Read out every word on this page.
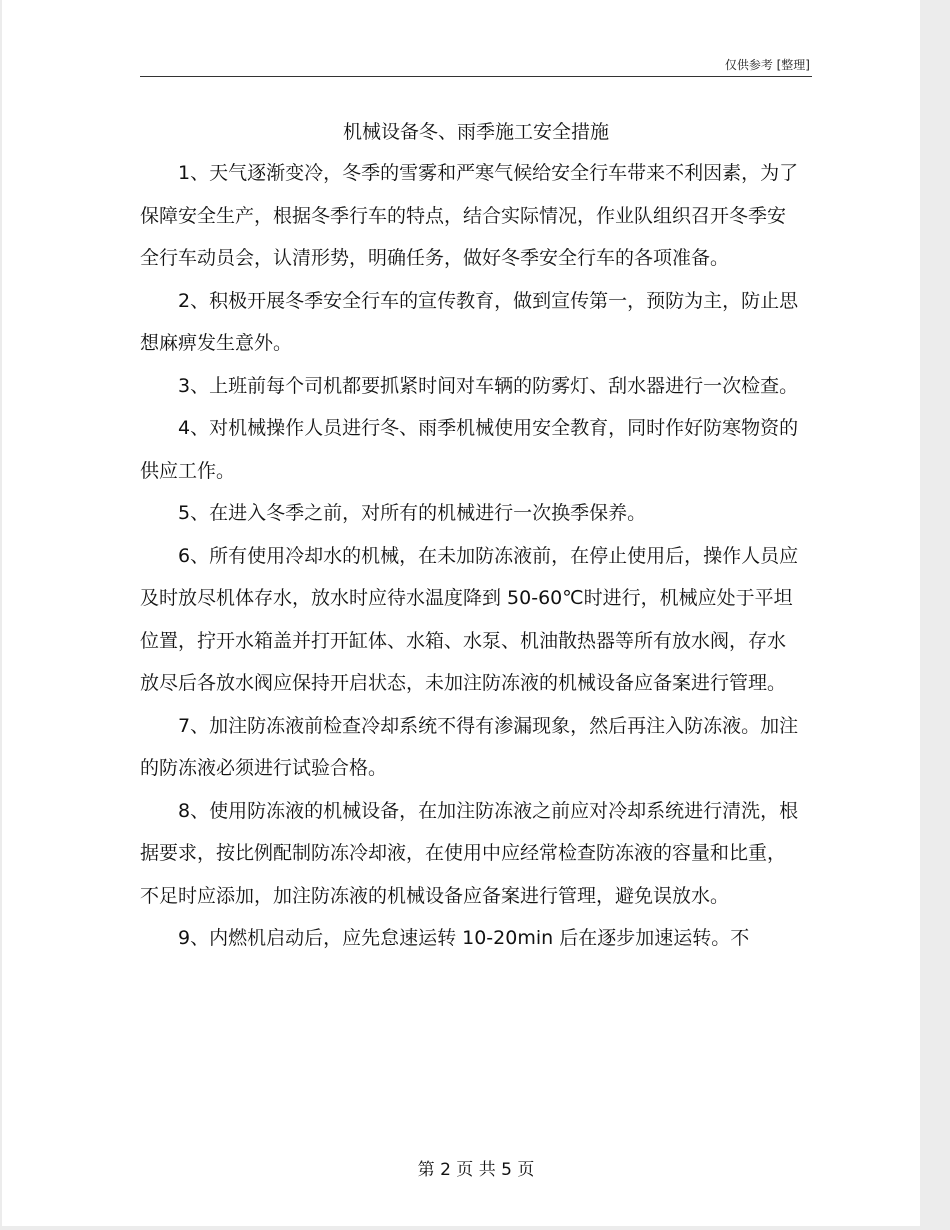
仅供参考 [整理]
机械设备冬、雨季施工安全措施

1、天气逐渐变冷，冬季的雪雾和严寒气候给安全行车带来不利因素，为了保障安全生产，根据冬季行车的特点，结合实际情况，作业队组织召开冬季安全行车动员会，认清形势，明确任务，做好冬季安全行车的各项准备。

2、积极开展冬季安全行车的宣传教育，做到宣传第一，预防为主，防止思想麻痹发生意外。

3、上班前每个司机都要抓紧时间对车辆的防雾灯、刮水器进行一次检查。

4、对机械操作人员进行冬、雨季机械使用安全教育，同时作好防寒物资的供应工作。

5、在进入冬季之前，对所有的机械进行一次换季保养。

6、所有使用冷却水的机械，在未加防冻液前，在停止使用后，操作人员应及时放尽机体存水，放水时应待水温度降到 50-60℃时进行，机械应处于平坦位置，拧开水箱盖并打开缸体、水箱、水泵、机油散热器等所有放水阀，存水放尽后各放水阀应保持开启状态，未加注防冻液的机械设备应备案进行管理。

7、加注防冻液前检查冷却系统不得有渗漏现象，然后再注入防冻液。加注的防冻液必须进行试验合格。

8、使用防冻液的机械设备，在加注防冻液之前应对冷却系统进行清洗，根据要求，按比例配制防冻冷却液，在使用中应经常检查防冻液的容量和比重，不足时应添加，加注防冻液的机械设备应备案进行管理，避免误放水。

9、内燃机启动后，应先怠速运转 10-20min 后在逐步加速运转。不

第 2 页 共 5 页
